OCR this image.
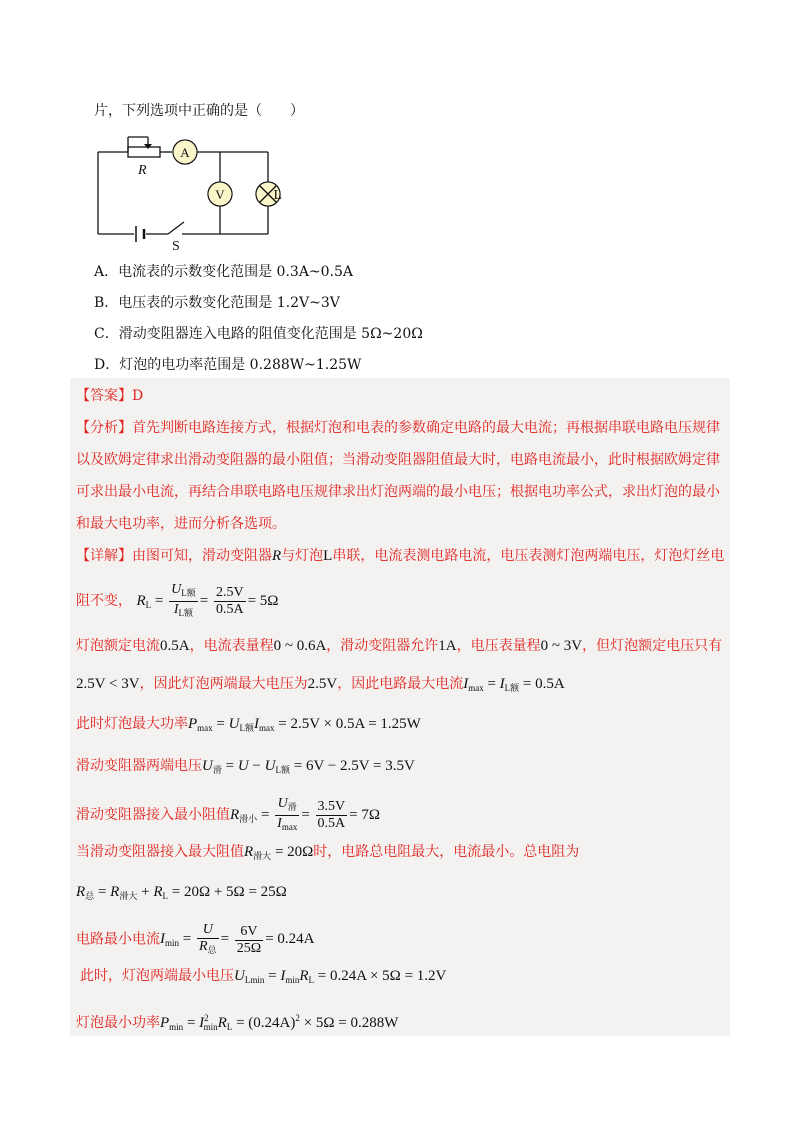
片，下列选项中正确的是（　　）
A
V	L
R
S
A．电流表的示数变化范围是 0.3A~0.5A
B．电压表的示数变化范围是 1.2V~3V
C．滑动变阻器连入电路的阻值变化范围是 5Ω~20Ω
D．灯泡的电功率范围是 0.288W~1.25W
【答案】D
【分析】首先判断电路连接方式，根据灯泡和电表的参数确定电路的最大电流；再根据串联电路电压规律
以及欧姆定律求出滑动变阻器的最小阻值；当滑动变阻器阻值最大时，电路电流最小，此时根据欧姆定律
可求出最小电流，再结合串联电路电压规律求出灯泡两端的最小电压；根据电功率公式，求出灯泡的最小
和最大电功率，进而分析各选项。
【详解】由图可知，滑动变阻器R与灯泡L串联，电流表测电路电流，电压表测灯泡两端电压，灯泡灯丝电
阻不变， $R_L = \frac{U_{L额}}{I_{L额}} = \frac{2.5V}{0.5A} = 5\Omega$
灯泡额定电流0.5A，电流表量程0 ~ 0.6A，滑动变阻器允许1A，电压表量程0 ~ 3V，但灯泡额定电压只有
2.5V < 3V，因此灯泡两端最大电压为2.5V，因此电路最大电流$I_{max} = I_{L额} = 0.5A$
此时灯泡最大功率$P_{max} = U_{L额}I_{max} = 2.5V \times 0.5A = 1.25W$
滑动变阻器两端电压$U_滑 = U - U_{L额} = 6V - 2.5V = 3.5V$
滑动变阻器接入最小阻值$R_{滑小} = \frac{U_滑}{I_{max}} = \frac{3.5V}{0.5A} = 7\Omega$
当滑动变阻器接入最大阻值$R_{滑大} = 20\Omega$时，电路总电阻最大，电流最小。总电阻为
$R_总 = R_{滑大} + R_L = 20\Omega + 5\Omega = 25\Omega$
电路最小电流$I_{min} = \frac{U}{R_总} = \frac{6V}{25\Omega} = 0.24A$
此时，灯泡两端最小电压$U_{Lmin} = I_{min}R_L = 0.24A \times 5\Omega = 1.2V$
灯泡最小功率$P_{min} = I^2_{min}R_L = (0.24A)^2 \times 5\Omega = 0.288W$
